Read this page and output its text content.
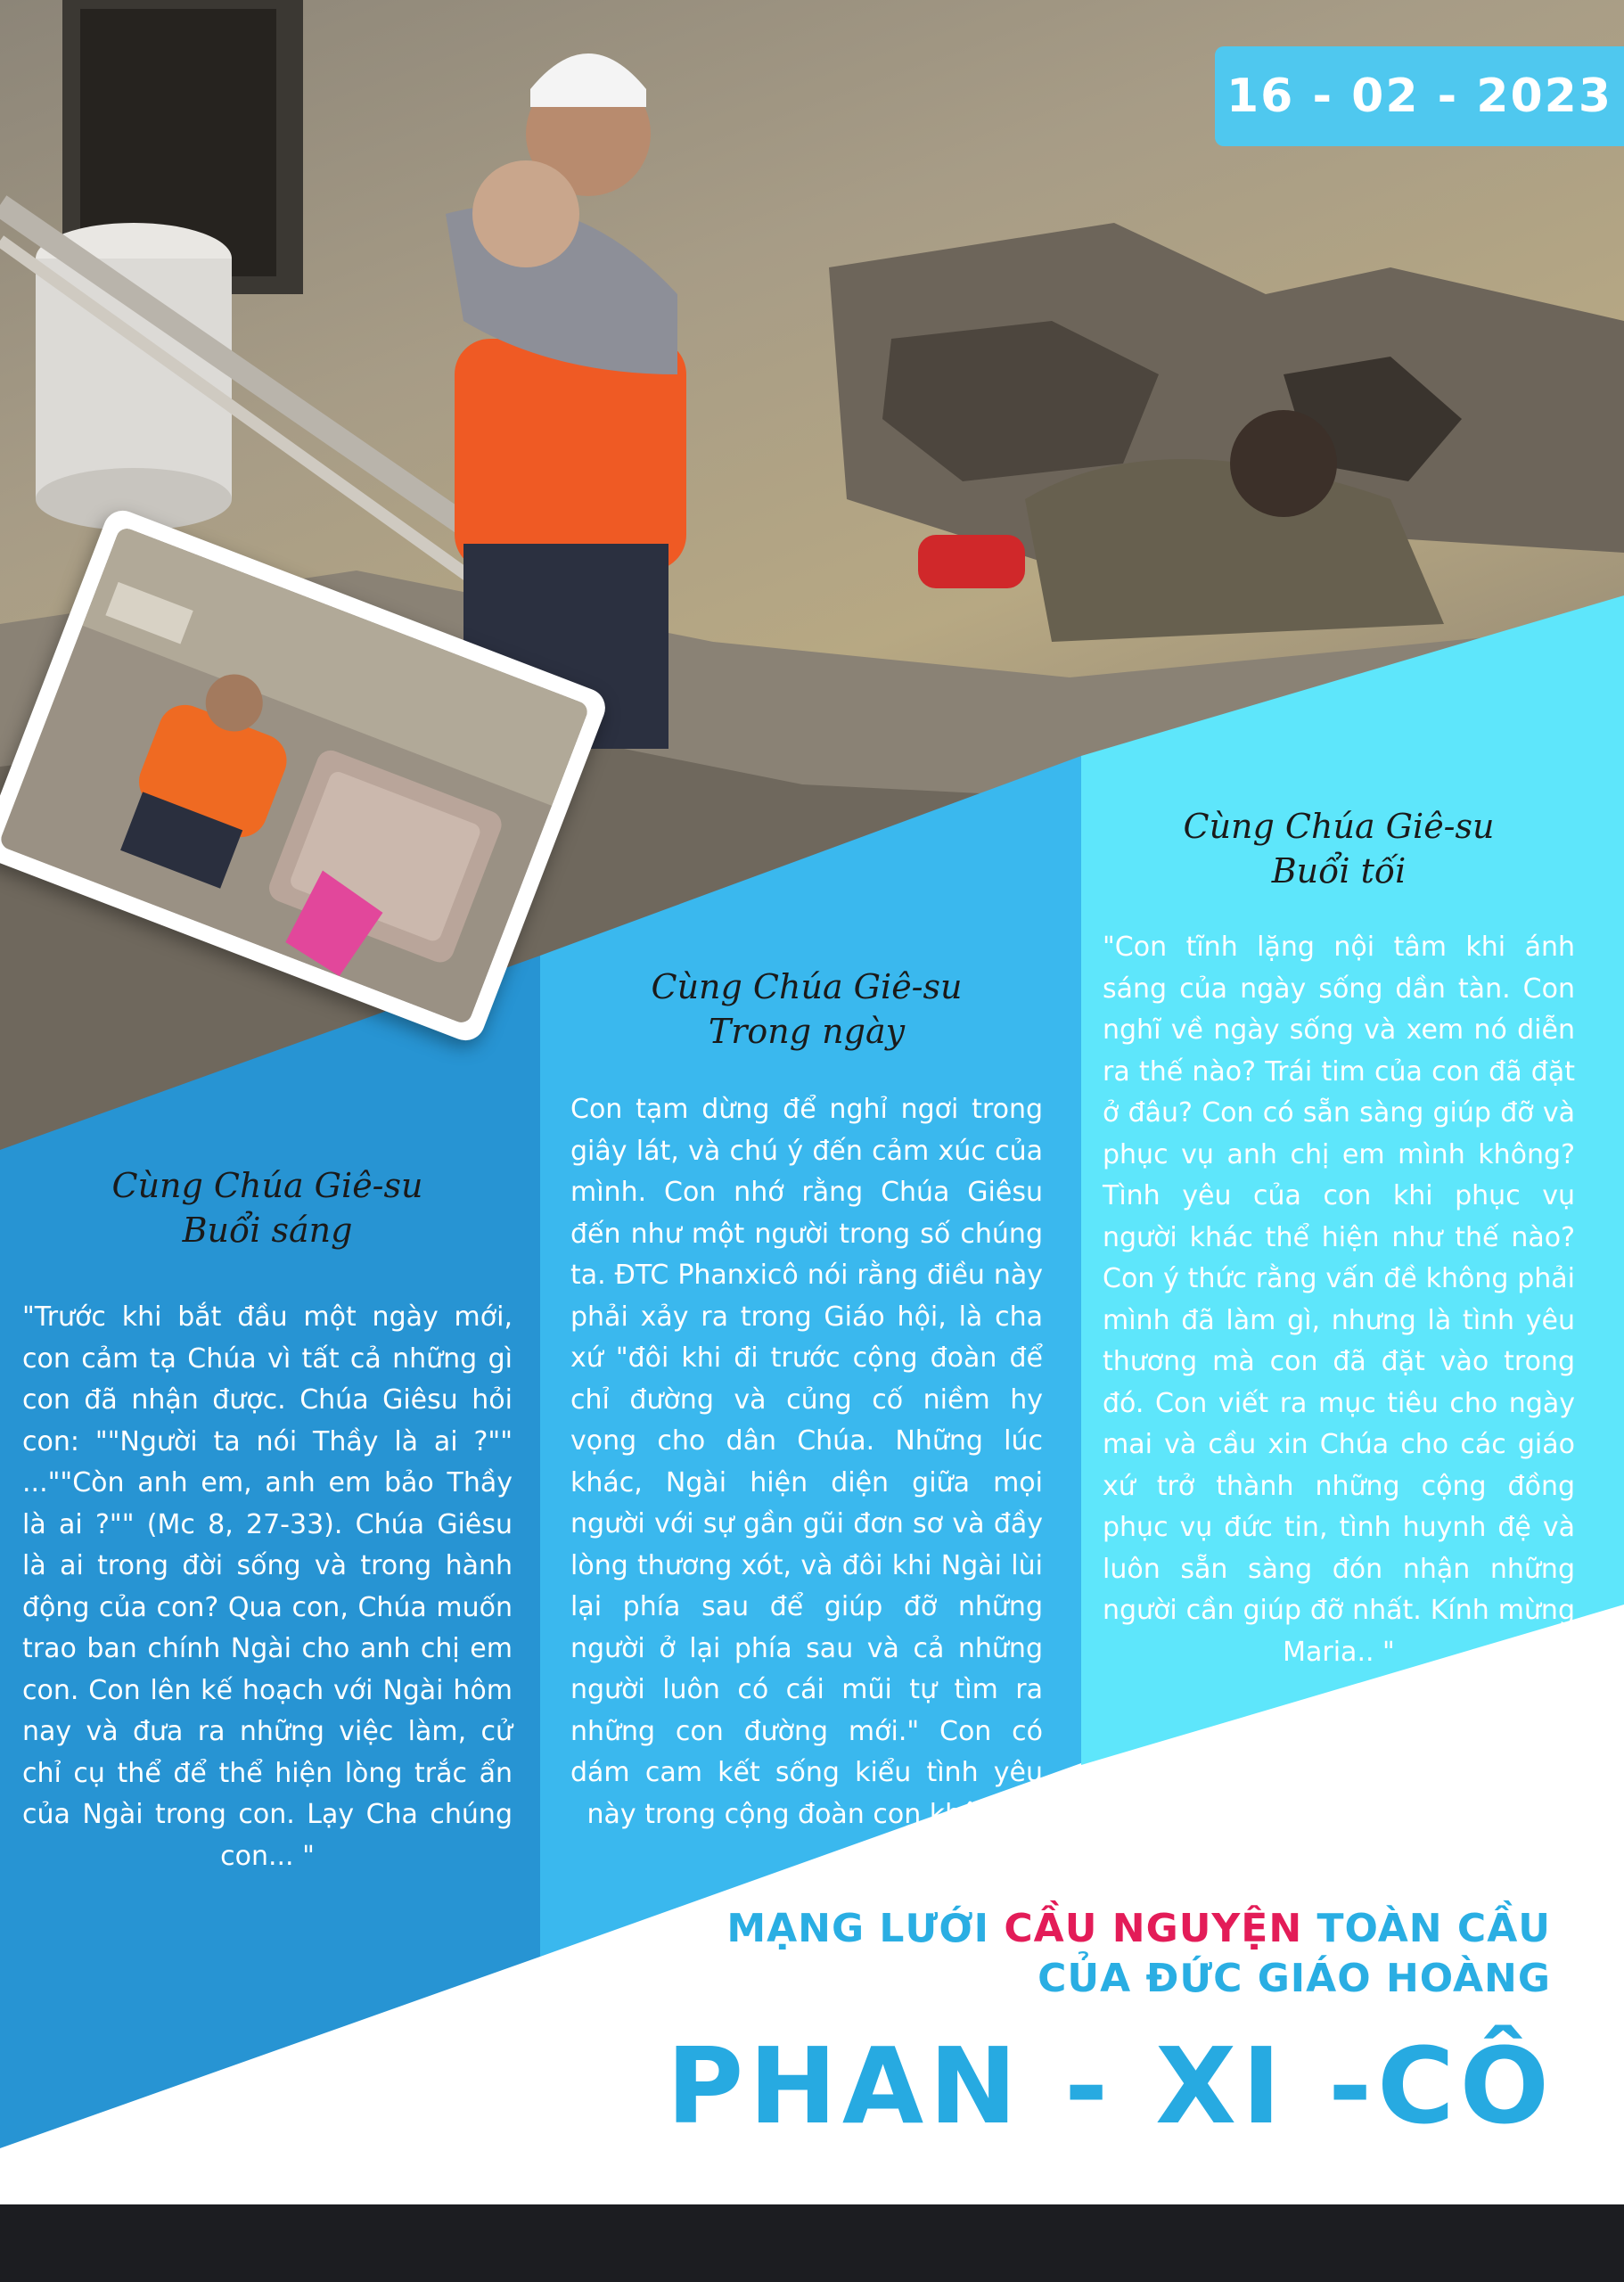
16 - 02 - 2023
Cùng Chúa Giê-su
Buổi sáng
"Trước khi bắt đầu một ngày mới, con cảm tạ Chúa vì tất cả những gì con đã nhận được. Chúa Giêsu hỏi con: ""Người ta nói Thầy là ai ?"" ...""Còn anh em, anh em bảo Thầy là ai ?"" (Mc 8, 27-33). Chúa Giêsu là ai trong đời sống và trong hành động của con? Qua con, Chúa muốn trao ban chính Ngài cho anh chị em con. Con lên kế hoạch với Ngài hôm nay và đưa ra những việc làm, cử chỉ cụ thể để thể hiện lòng trắc ẩn của Ngài trong con. Lạy Cha chúng con... "
Cùng Chúa Giê-su
Trong ngày
Con tạm dừng để nghỉ ngơi trong giây lát, và chú ý đến cảm xúc của mình. Con nhớ rằng Chúa Giêsu đến như một người trong số chúng ta. ĐTC Phanxicô nói rằng điều này phải xảy ra trong Giáo hội, là cha xứ "đôi khi đi trước cộng đoàn để chỉ đường và củng cố niềm hy vọng cho dân Chúa. Những lúc khác, Ngài hiện diện giữa mọi người với sự gần gũi đơn sơ và đầy lòng thương xót, và đôi khi Ngài lùi lại phía sau để giúp đỡ những người ở lại phía sau và cả những người luôn có cái mũi tự tìm ra những con đường mới." Con có dám cam kết sống kiểu tình yêu này trong cộng đoàn con không?
Cùng Chúa Giê-su
Buổi tối
"Con tĩnh lặng nội tâm khi ánh sáng của ngày sống dần tàn. Con nghĩ về ngày sống và xem nó diễn ra thế nào? Trái tim của con đã đặt ở đâu? Con có sẵn sàng giúp đỡ và phục vụ anh chị em mình không? Tình yêu của con khi phục vụ người khác thể hiện như thế nào? Con ý thức rằng vấn đề không phải mình đã làm gì, nhưng là tình yêu thương mà con đã đặt vào trong đó. Con viết ra mục tiêu cho ngày mai và cầu xin Chúa cho các giáo xứ trở thành những cộng đồng phục vụ đức tin, tình huynh đệ và luôn sẵn sàng đón nhận những người cần giúp đỡ nhất. Kính mừng Maria.. "
MẠNG LƯỚI CẦU NGUYỆN TOÀN CẦU
CỦA ĐỨC GIÁO HOÀNG
PHAN - XI -CÔ
